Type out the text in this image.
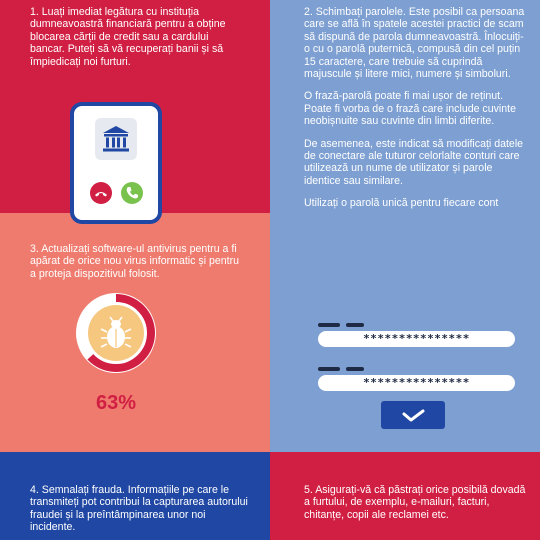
1. Luați imediat legătura cu instituția dumneavoastră financiară pentru a obține blocarea cărții de credit sau a cardului bancar. Puteți să vă recuperați banii și să împiedicați noi furturi.

2. Schimbați parolele. Este posibil ca persoana care se află în spatele acestei practici de scam să dispună de parola dumneavoastră. Înlocuiți-o cu o parolă puternică, compusă din cel puțin 15 caractere, care trebuie să cuprindă majuscule și litere mici, numere și simboluri.

O frază-parolă poate fi mai ușor de reținut. Poate fi vorba de o frază care include cuvinte neobișnuite sau cuvinte din limbi diferite.

De asemenea, este indicat să modificați datele de conectare ale tuturor celorlalte conturi care utilizează un nume de utilizator și parole identice sau similare.

Utilizați o parolă unică pentru fiecare cont

3. Actualizați software-ul antivirus pentru a fi apărat de orice nou virus informatic și pentru a proteja dispozitivul folosit.
4. Semnalați frauda. Informațiile pe care le transmiteți pot contribui la capturarea autorului fraudei și la preîntâmpinarea unor noi incidente.
5. Asigurați-vă că păstrați orice posibilă dovadă a furtului, de exemplu, e-mailuri, facturi, chitanțe, copii ale reclamei etc.
63%
***************
***************
